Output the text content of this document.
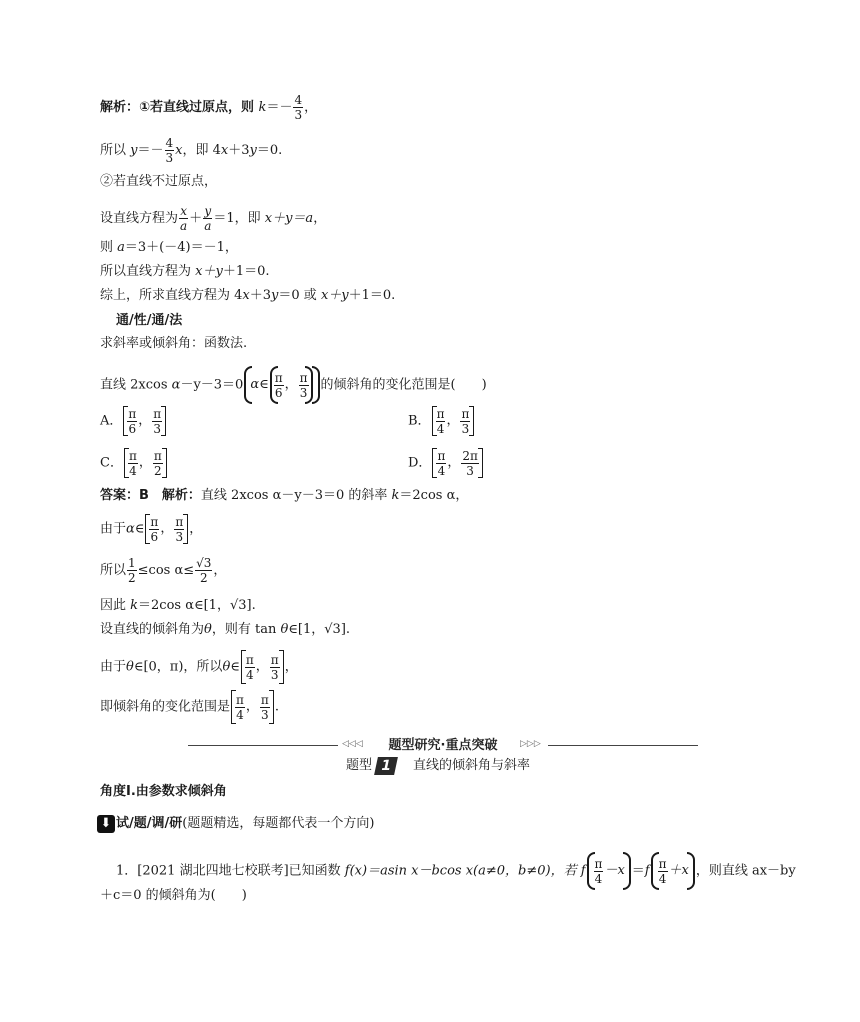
解析：①若直线过原点，则 $k=- \frac{4}{3}$ ，
所以 $y=- \frac{4}{3}$ x，即 4x＋3y＝0.
②若直线不过原点，
设直线方程为 $\frac{x}{a} + \frac{y}{a} =1$，即 x＋y＝a，
则 a＝3＋(－4)＝－1，
所以直线方程为 x＋y＋1＝0.
综上，所求直线方程为 4x＋3y＝0 或 x＋y＋1＝0.
通/性/通/法
求斜率或倾斜角：函数法.
直线 2xcos α－y－3＝0 α ∈ $\frac{\pi}{6}$ ， $\frac{\pi}{3}$ 的倾斜角的变化范围是(　　)
A． $\frac{\pi}{6}$ ， $\frac{\pi}{3}$	B． $\frac{\pi}{4}$ ， $\frac{\pi}{3}$
C． $\frac{\pi}{4}$ ， $\frac{\pi}{2}$	D． $\frac{\pi}{4}$ ， $\frac{2\pi}{3}$
答案：B　解析：直线 2xcos α－y－3＝0 的斜率 k＝2cos α，
由于α∈ $\frac{\pi}{6}$ ， $\frac{\pi}{3}$ ，
所以 $\frac{1}{2} \le\cos$ $\alpha\le \frac{√3}{2}$ ，
因此 k＝2cos α∈[1，√3].
设直线的倾斜角为θ，则有 tan θ∈[1，√3].
由于θ∈[0，π)，所以θ∈ $\frac{\pi}{4}$ ， $\frac{\pi}{3}$ ，
即倾斜角的变化范围是 $\frac{\pi}{4}$ ， $\frac{\pi}{3}$ .
◁◁◁	题型研究·重点突破	▷▷▷
题型 1　 直线的倾斜角与斜率
角度Ⅰ.由参数求倾斜角
⬇ 试/题/调/研(题题精选，每题都代表一个方向)
1．[2021 湖北四地七校联考]已知函数 f(x)＝asin x－bcos x(a≠0，b≠0)，若 f $\frac{\pi}{4} -x =f \frac{\pi}{4} +x$ ，则直线 ax－by
＋c＝0 的倾斜角为(　　)
